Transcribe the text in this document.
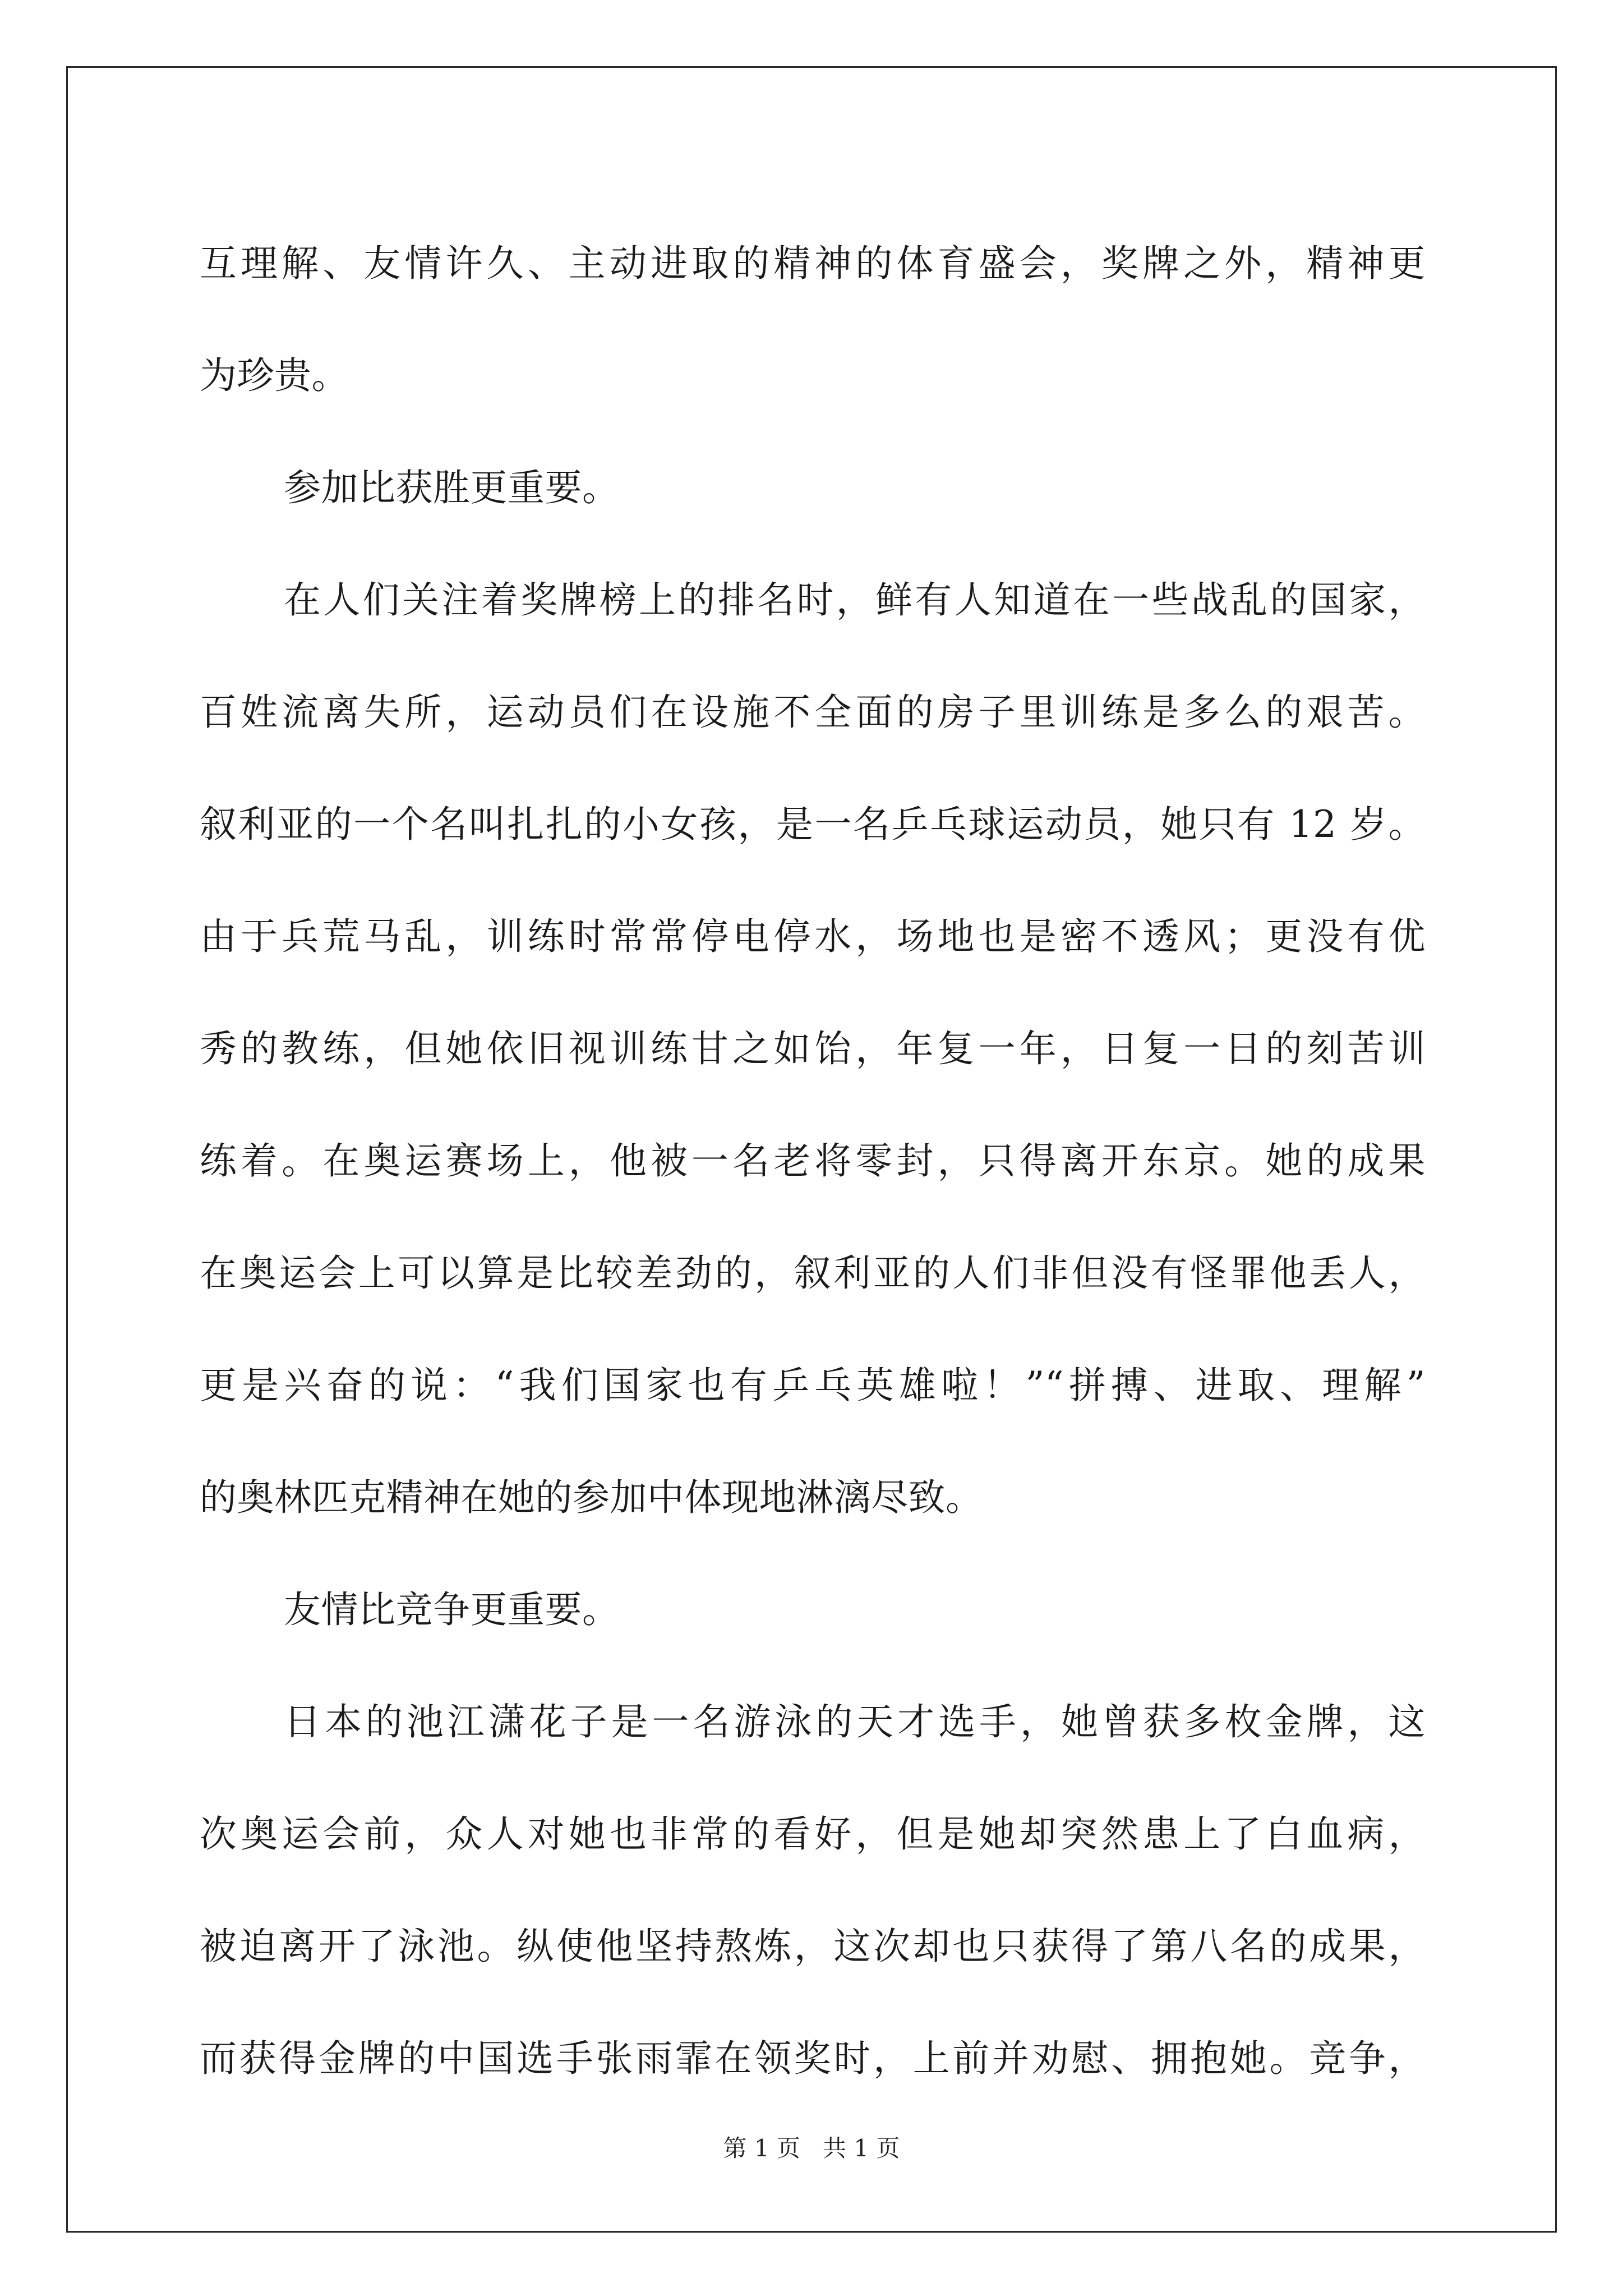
互理解、友情许久、主动进取的精神的体育盛会，奖牌之外，精神更
为珍贵。
参加比获胜更重要。
在人们关注着奖牌榜上的排名时，鲜有人知道在一些战乱的国家，
百姓流离失所，运动员们在设施不全面的房子里训练是多么的艰苦。
叙利亚的一个名叫扎扎的小女孩，是一名乒乓球运动员，她只有 12 岁。
由于兵荒马乱，训练时常常停电停水，场地也是密不透风；更没有优
秀的教练，但她依旧视训练甘之如饴，年复一年，日复一日的刻苦训
练着。在奥运赛场上，他被一名老将零封，只得离开东京。她的成果
在奥运会上可以算是比较差劲的，叙利亚的人们非但没有怪罪他丢人，
更是兴奋的说：“我们国家也有乒乓英雄啦！”“拼搏、进取、理解”
的奥林匹克精神在她的参加中体现地淋漓尽致。
友情比竞争更重要。
日本的池江潇花子是一名游泳的天才选手，她曾获多枚金牌，这
次奥运会前，众人对她也非常的看好，但是她却突然患上了白血病，
被迫离开了泳池。纵使他坚持熬炼，这次却也只获得了第八名的成果，
而获得金牌的中国选手张雨霏在领奖时，上前并劝慰、拥抱她。竞争，
第 1 页   共 1 页
